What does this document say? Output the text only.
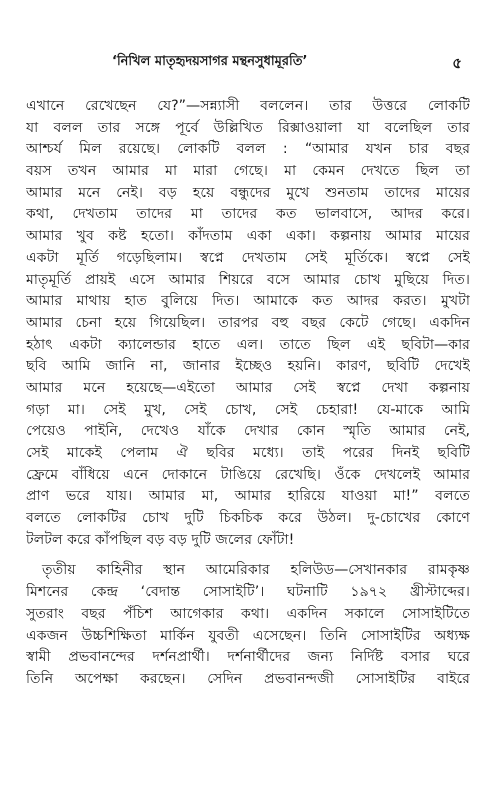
‘নিখিল মাতৃহৃদয়সাগর মন্থনসুধামূরতি’	৫
এখানে রেখেছেন যে?”—সন্ন্যাসী বললেন। তার উত্তরে লোকটি
যা বলল তার সঙ্গে পূর্বে উল্লিখিত রিক্সাওয়ালা যা বলেছিল তার
আশ্চর্য মিল রয়েছে। লোকটি বলল : “আমার যখন চার বছর
বয়স তখন আমার মা মারা গেছে। মা কেমন দেখতে ছিল তা
আমার মনে নেই। বড় হয়ে বন্ধুদের মুখে শুনতাম তাদের মায়ের
কথা, দেখতাম তাদের মা তাদের কত ভালবাসে, আদর করে।
আমার খুব কষ্ট হতো। কাঁদতাম একা একা। কল্পনায় আমার মায়ের
একটা মূর্তি গড়েছিলাম। স্বপ্নে দেখতাম সেই মূর্তিকে। স্বপ্নে সেই
মাতৃমূর্তি প্রায়ই এসে আমার শিয়রে বসে আমার চোখ মুছিয়ে দিত।
আমার মাথায় হাত বুলিয়ে দিত। আমাকে কত আদর করত। মুখটা
আমার চেনা হয়ে গিয়েছিল। তারপর বহু বছর কেটে গেছে। একদিন
হঠাৎ একটা ক্যালেন্ডার হাতে এল। তাতে ছিল এই ছবিটা—কার
ছবি আমি জানি না, জানার ইচ্ছেও হয়নি। কারণ, ছবিটি দেখেই
আমার মনে হয়েছে—এইতো আমার সেই স্বপ্নে দেখা কল্পনায়
গড়া মা। সেই মুখ, সেই চোখ, সেই চেহারা! যে-মাকে আমি
পেয়েও পাইনি, দেখেও যাঁকে দেখার কোন স্মৃতি আমার নেই,
সেই মাকেই পেলাম ঐ ছবির মধ্যে। তাই পরের দিনই ছবিটি
ফ্রেমে বাঁধিয়ে এনে দোকানে টাঙিয়ে রেখেছি। ওঁকে দেখলেই আমার
প্রাণ ভরে যায়। আমার মা, আমার হারিয়ে যাওয়া মা!” বলতে
বলতে লোকটির চোখ দুটি চিকচিক করে উঠল। দু-চোখের কোণে
টলটল করে কাঁপছিল বড় বড় দুটি জলের ফোঁটা!
তৃতীয় কাহিনীর স্থান আমেরিকার হলিউড—সেখানকার রামকৃষ্ণ
মিশনের কেন্দ্র ‘বেদান্ত সোসাইটি’। ঘটনাটি ১৯৭২ খ্রীস্টাব্দের।
সুতরাং বছর পঁচিশ আগেকার কথা। একদিন সকালে সোসাইটিতে
একজন উচ্চশিক্ষিতা মার্কিন যুবতী এসেছেন। তিনি সোসাইটির অধ্যক্ষ
স্বামী প্রভবানন্দের দর্শনপ্রার্থী। দর্শনার্থীদের জন্য নির্দিষ্ট বসার ঘরে
তিনি অপেক্ষা করছেন। সেদিন প্রভবানন্দজী সোসাইটির বাইরে
